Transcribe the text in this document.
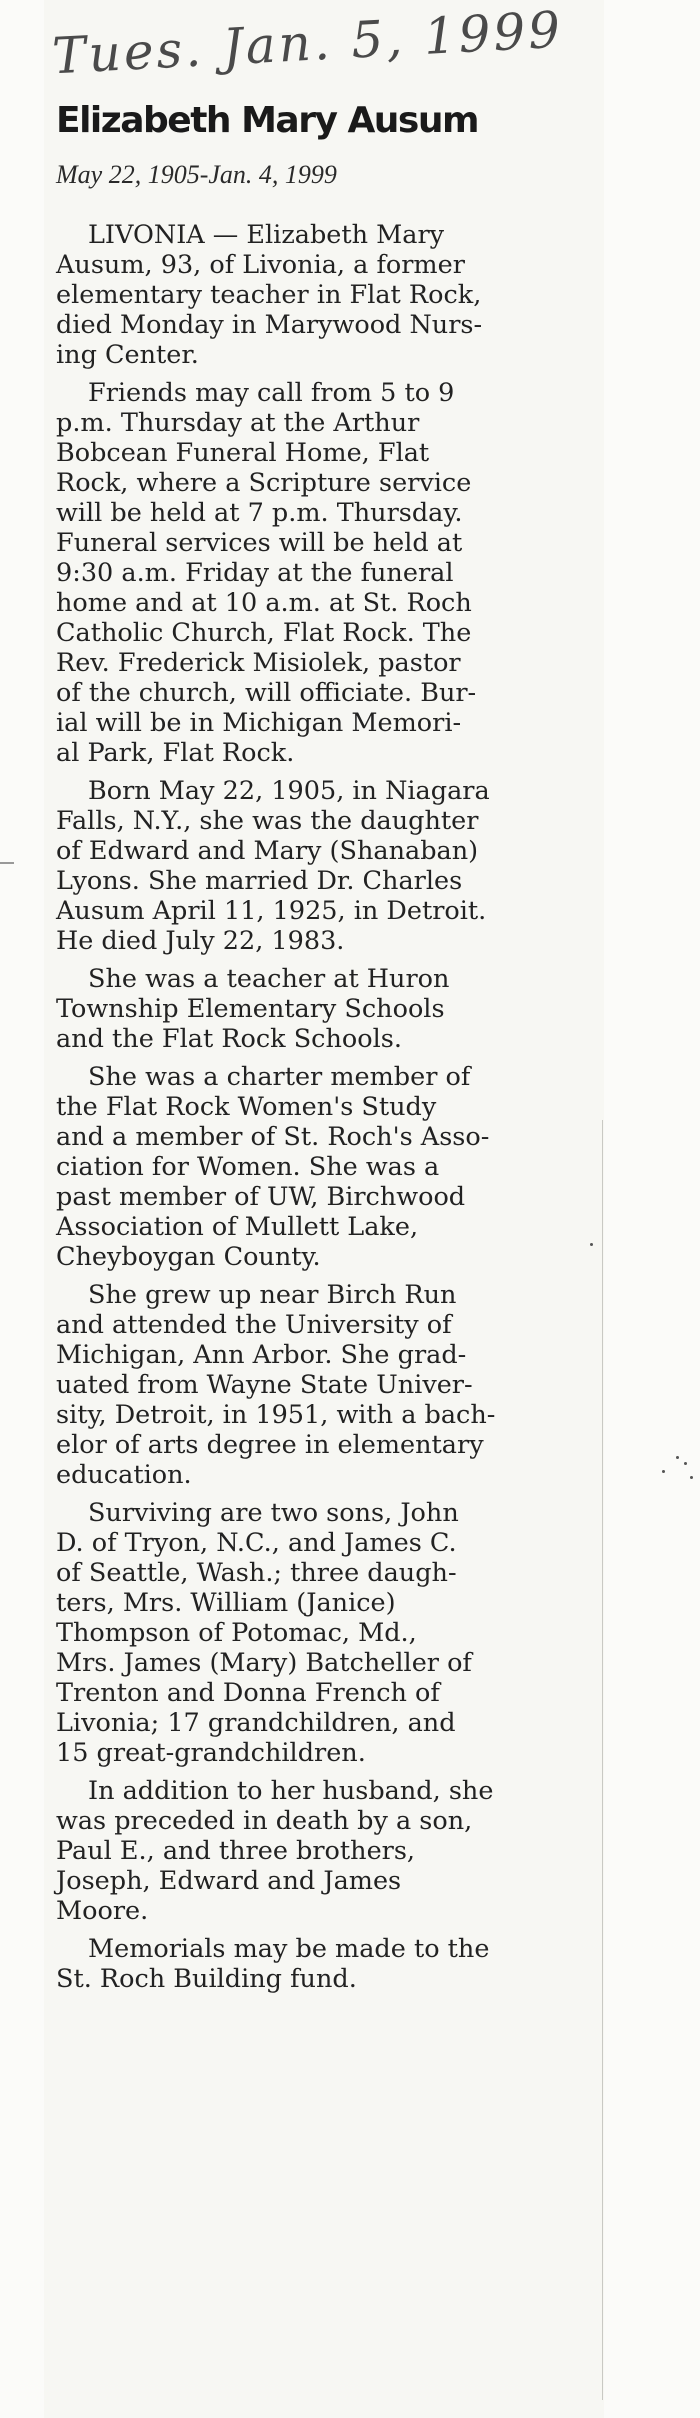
Tues. Jan. 5, 1999
Elizabeth Mary Ausum
May 22, 1905-Jan. 4, 1999
LIVONIA — Elizabeth Mary
Ausum, 93, of Livonia, a former
elementary teacher in Flat Rock,
died Monday in Marywood Nurs-
ing Center.
Friends may call from 5 to 9
p.m. Thursday at the Arthur
Bobcean Funeral Home, Flat
Rock, where a Scripture service
will be held at 7 p.m. Thursday.
Funeral services will be held at
9:30 a.m. Friday at the funeral
home and at 10 a.m. at St. Roch
Catholic Church, Flat Rock. The
Rev. Frederick Misiolek, pastor
of the church, will officiate. Bur-
ial will be in Michigan Memori-
al Park, Flat Rock.
Born May 22, 1905, in Niagara
Falls, N.Y., she was the daughter
of Edward and Mary (Shanaban)
Lyons. She married Dr. Charles
Ausum April 11, 1925, in Detroit.
He died July 22, 1983.
She was a teacher at Huron
Township Elementary Schools
and the Flat Rock Schools.
She was a charter member of
the Flat Rock Women's Study
and a member of St. Roch's Asso-
ciation for Women. She was a
past member of UW, Birchwood
Association of Mullett Lake,
Cheyboygan County.
She grew up near Birch Run
and attended the University of
Michigan, Ann Arbor. She grad-
uated from Wayne State Univer-
sity, Detroit, in 1951, with a bach-
elor of arts degree in elementary
education.
Surviving are two sons, John
D. of Tryon, N.C., and James C.
of Seattle, Wash.; three daugh-
ters, Mrs. William (Janice)
Thompson of Potomac, Md.,
Mrs. James (Mary) Batcheller of
Trenton and Donna French of
Livonia; 17 grandchildren, and
15 great-grandchildren.
In addition to her husband, she
was preceded in death by a son,
Paul E., and three brothers,
Joseph, Edward and James
Moore.
Memorials may be made to the
St. Roch Building fund.
